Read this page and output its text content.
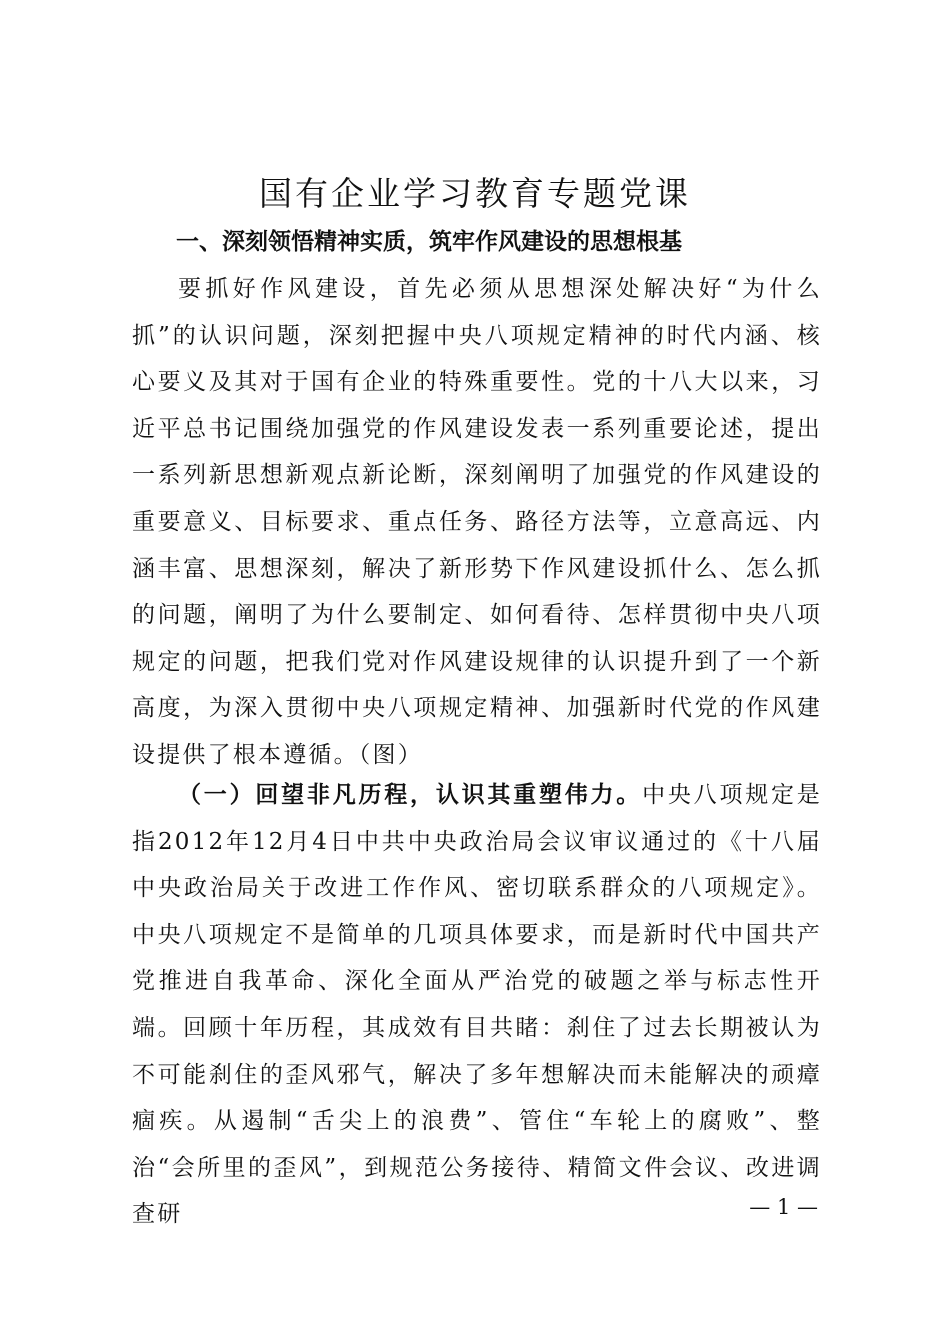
国有企业学习教育专题党课
一、深刻领悟精神实质，筑牢作风建设的思想根基

要抓好作风建设，首先必须从思想深处解决好“为什么抓”的认识问题，深刻把握中央八项规定精神的时代内涵、核心要义及其对于国有企业的特殊重要性。党的十八大以来，习近平总书记围绕加强党的作风建设发表一系列重要论述，提出一系列新思想新观点新论断，深刻阐明了加强党的作风建设的重要意义、目标要求、重点任务、路径方法等，立意高远、内涵丰富、思想深刻，解决了新形势下作风建设抓什么、怎么抓的问题，阐明了为什么要制定、如何看待、怎样贯彻中央八项规定的问题，把我们党对作风建设规律的认识提升到了一个新高度，为深入贯彻中央八项规定精神、加强新时代党的作风建设提供了根本遵循。（图）

（一）回望非凡历程，认识其重塑伟力。中央八项规定是指2012年12月4日中共中央政治局会议审议通过的《十八届中央政治局关于改进工作作风、密切联系群众的八项规定》。中央八项规定不是简单的几项具体要求，而是新时代中国共产党推进自我革命、深化全面从严治党的破题之举与标志性开端。回顾十年历程，其成效有目共睹：刹住了过去长期被认为不可能刹住的歪风邪气，解决了多年想解决而未能解决的顽瘴痼疾。从遏制“舌尖上的浪费”、管住“车轮上的腐败”、整治“会所里的歪风”，到规范公务接待、精简文件会议、改进调查研	— 1 —
